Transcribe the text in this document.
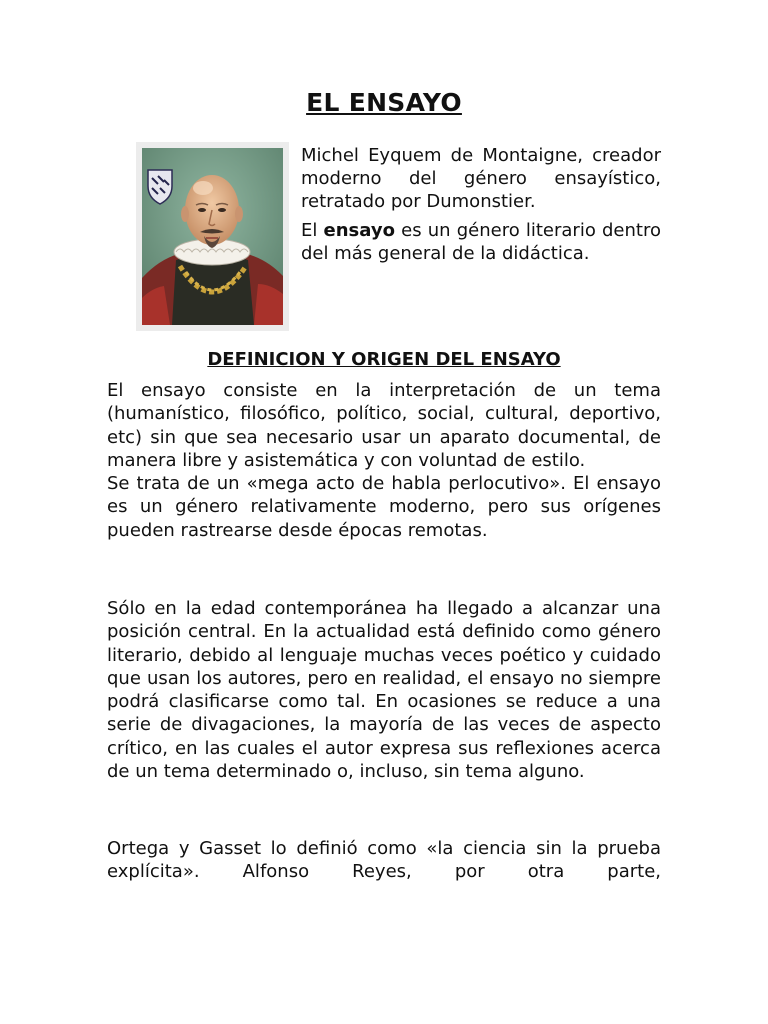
EL ENSAYO

Michel Eyquem de Montaigne, creador moderno del género ensayístico, retratado por Dumonstier.

El ensayo es un género literario dentro del más general de la didáctica.

DEFINICION Y ORIGEN DEL ENSAYO

El ensayo consiste en la interpretación de un tema (humanístico, filosófico, político, social, cultural, deportivo, etc) sin que sea necesario usar un aparato documental, de manera libre y asistemática y con voluntad de estilo.

Se trata de un «mega acto de habla perlocutivo». El ensayo es un género relativamente moderno, pero sus orígenes pueden rastrearse desde épocas remotas.

Sólo en la edad contemporánea ha llegado a alcanzar una posición central. En la actualidad está definido como género literario, debido al lenguaje muchas veces poético y cuidado que usan los autores, pero en realidad, el ensayo no siempre podrá clasificarse como tal. En ocasiones se reduce a una serie de divagaciones, la mayoría de las veces de aspecto crítico, en las cuales el autor expresa sus reflexiones acerca de un tema determinado o, incluso, sin tema alguno.

Ortega y Gasset lo definió como «la ciencia sin la prueba explícita». Alfonso Reyes, por otra parte,
